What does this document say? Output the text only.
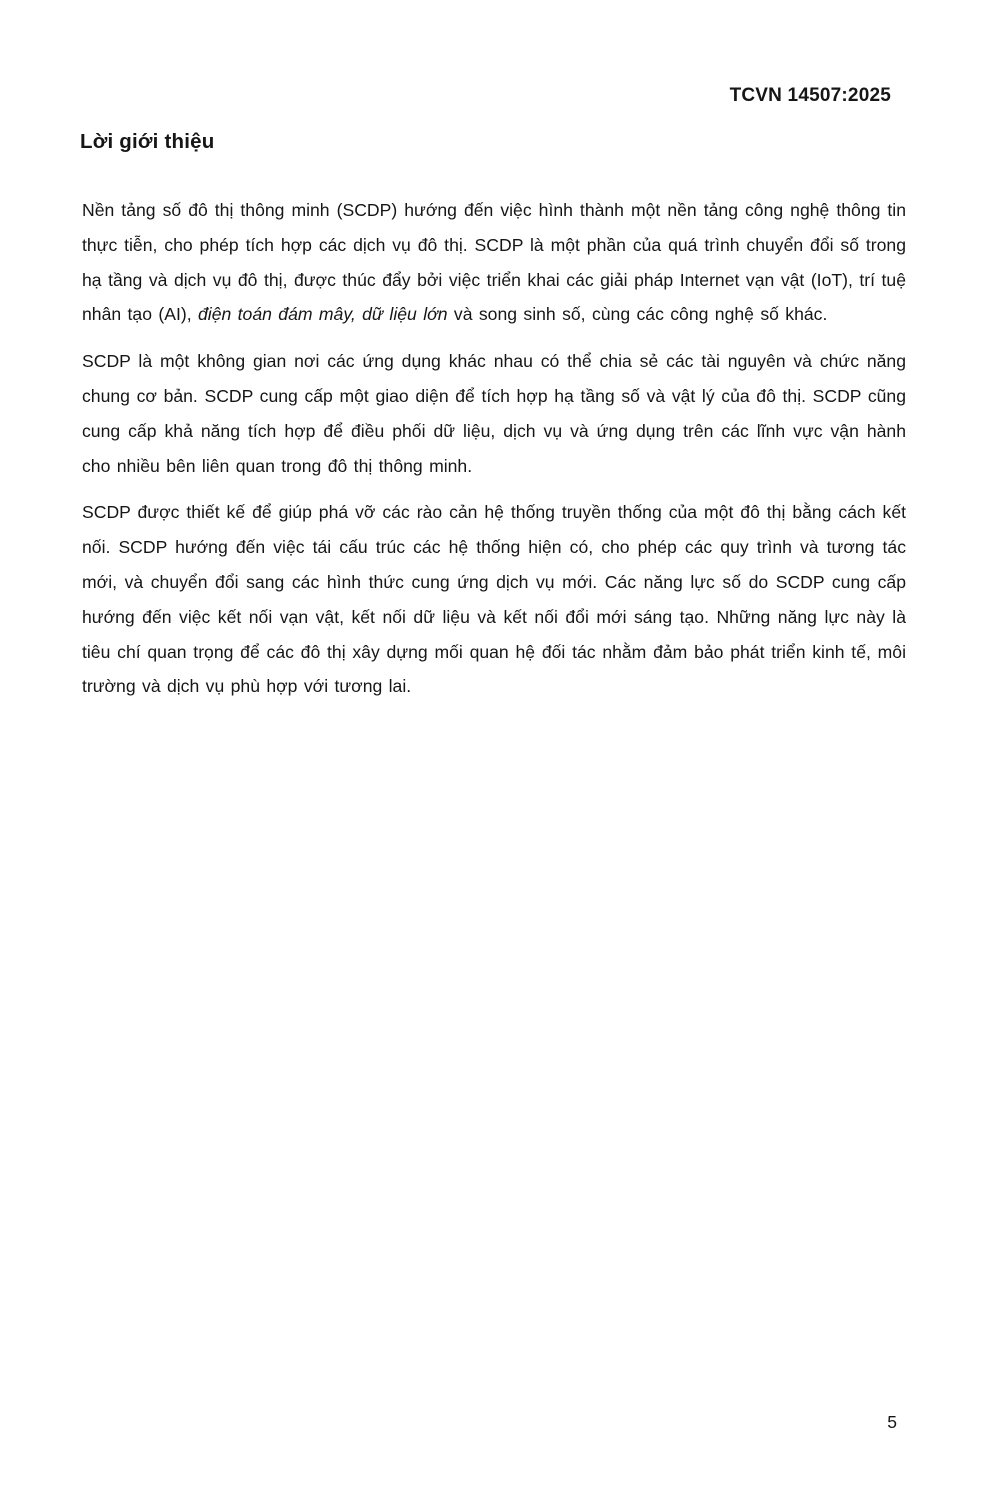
TCVN 14507:2025
Lời giới thiệu

Nền tảng số đô thị thông minh (SCDP) hướng đến việc hình thành một nền tảng công nghệ thông tin thực tiễn, cho phép tích hợp các dịch vụ đô thị. SCDP là một phần của quá trình chuyển đổi số trong hạ tầng và dịch vụ đô thị, được thúc đẩy bởi việc triển khai các giải pháp Internet vạn vật (IoT), trí tuệ nhân tạo (AI), điện toán đám mây, dữ liệu lớn và song sinh số, cùng các công nghệ số khác.

SCDP là một không gian nơi các ứng dụng khác nhau có thể chia sẻ các tài nguyên và chức năng chung cơ bản. SCDP cung cấp một giao diện để tích hợp hạ tầng số và vật lý của đô thị. SCDP cũng cung cấp khả năng tích hợp để điều phối dữ liệu, dịch vụ và ứng dụng trên các lĩnh vực vận hành cho nhiều bên liên quan trong đô thị thông minh.

SCDP được thiết kế để giúp phá vỡ các rào cản hệ thống truyền thống của một đô thị bằng cách kết nối. SCDP hướng đến việc tái cấu trúc các hệ thống hiện có, cho phép các quy trình và tương tác mới, và chuyển đổi sang các hình thức cung ứng dịch vụ mới. Các năng lực số do SCDP cung cấp hướng đến việc kết nối vạn vật, kết nối dữ liệu và kết nối đổi mới sáng tạo. Những năng lực này là tiêu chí quan trọng để các đô thị xây dựng mối quan hệ đối tác nhằm đảm bảo phát triển kinh tế, môi trường và dịch vụ phù hợp với tương lai.

5
